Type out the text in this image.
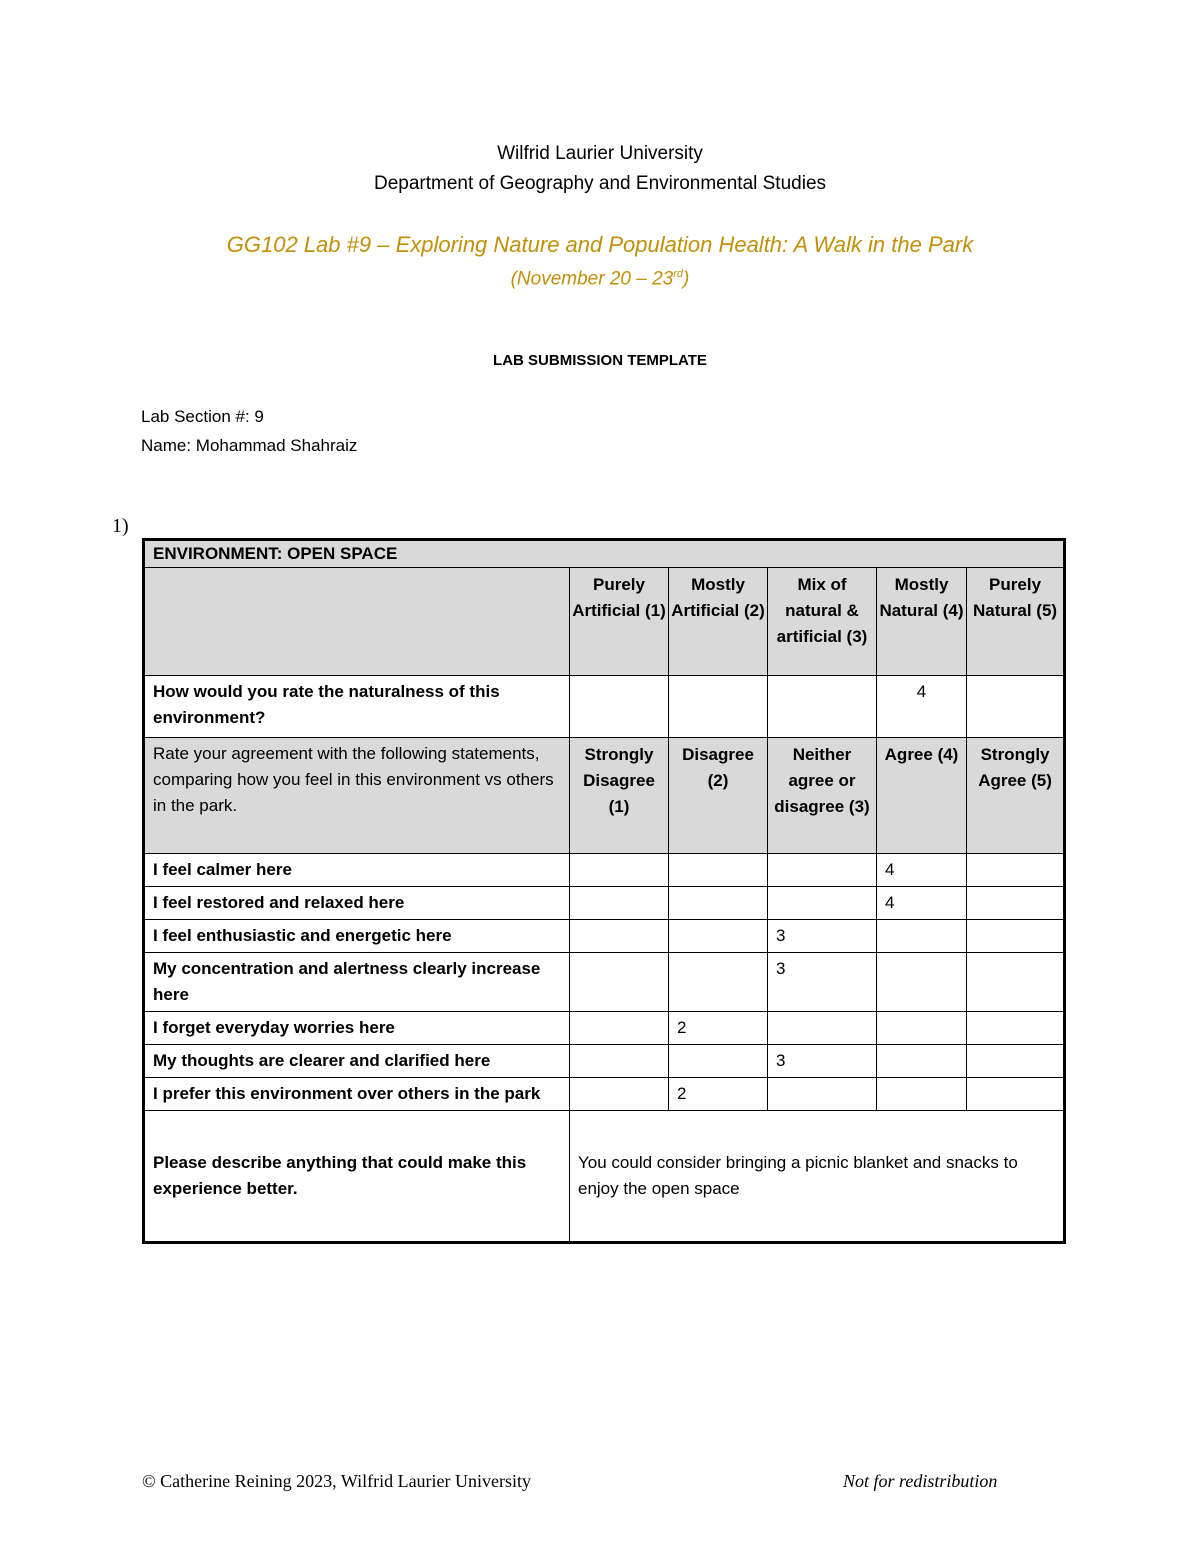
Wilfrid Laurier University
Department of Geography and Environmental Studies
GG102 Lab #9 – Exploring Nature and Population Health: A Walk in the Park
(November 20 – 23rd)
LAB SUBMISSION TEMPLATE
Lab Section #: 9
Name: Mohammad Shahraiz
1)
ENVIRONMENT: OPEN SPACE					
	Purely Artificial (1)	Mostly Artificial (2)	Mix of natural & artificial (3)	Mostly Natural (4)	Purely Natural (5)
How would you rate the naturalness of this environment?				4	
Rate your agreement with the following statements, comparing how you feel in this environment vs others in the park.	Strongly Disagree (1)	Disagree (2)	Neither agree or disagree (3)	Agree (4)	Strongly Agree (5)
I feel calmer here				4	
I feel restored and relaxed here				4	
I feel enthusiastic and energetic here			3		
My concentration and alertness clearly increase here			3		
I forget everyday worries here		2			
My thoughts are clearer and clarified here			3		
I prefer this environment over others in the park		2			
Please describe anything that could make this experience better.	You could consider bringing a picnic blanket and snacks to enjoy the open space				
© Catherine Reining 2023, Wilfrid Laurier University	Not for redistribution
